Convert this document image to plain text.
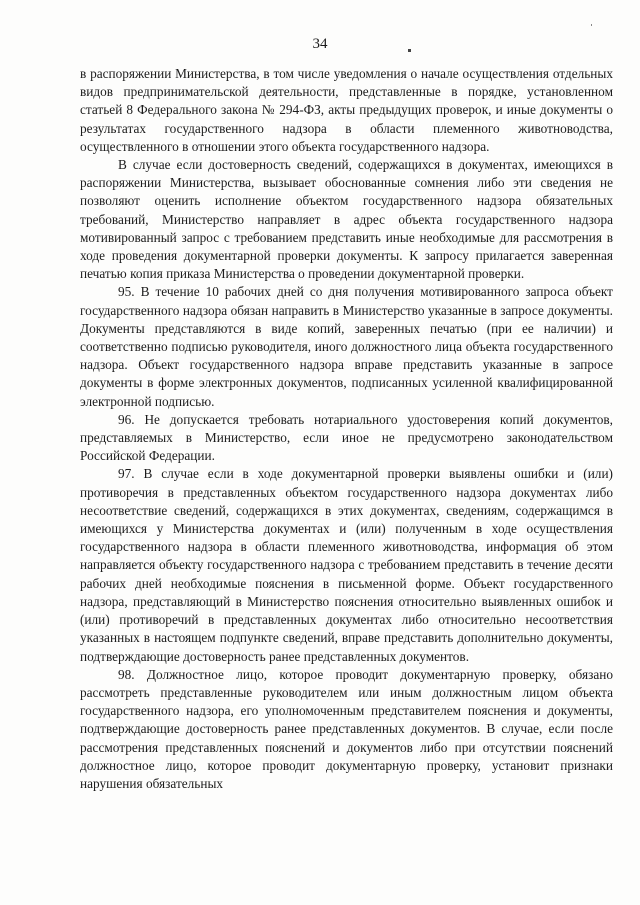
34

в распоряжении Министерства, в том числе уведомления о начале осуществления отдельных видов предпринимательской деятельности, представленные в порядке, установленном статьей 8 Федерального закона № 294-ФЗ, акты предыдущих проверок, и иные документы о результатах государственного надзора в области племенного животноводства, осуществленного в отношении этого объекта государственного надзора.

В случае если достоверность сведений, содержащихся в документах, имеющихся в распоряжении Министерства, вызывает обоснованные сомнения либо эти сведения не позволяют оценить исполнение объектом государственного надзора обязательных требований, Министерство направляет в адрес объекта государственного надзора мотивированный запрос с требованием представить иные необходимые для рассмотрения в ходе проведения документарной проверки документы. К запросу прилагается заверенная печатью копия приказа Министерства о проведении документарной проверки.

95. В течение 10 рабочих дней со дня получения мотивированного запроса объект государственного надзора обязан направить в Министерство указанные в запросе документы. Документы представляются в виде копий, заверенных печатью (при ее наличии) и соответственно подписью руководителя, иного должностного лица объекта государственного надзора. Объект государственного надзора вправе представить указанные в запросе документы в форме электронных документов, подписанных усиленной квалифицированной электронной подписью.

96. Не допускается требовать нотариального удостоверения копий документов, представляемых в Министерство, если иное не предусмотрено законодательством Российской Федерации.

97. В случае если в ходе документарной проверки выявлены ошибки и (или) противоречия в представленных объектом государственного надзора документах либо несоответствие сведений, содержащихся в этих документах, сведениям, содержащимся в имеющихся у Министерства документах и (или) полученным в ходе осуществления государственного надзора в области племенного животноводства, информация об этом направляется объекту государственного надзора с требованием представить в течение десяти рабочих дней необходимые пояснения в письменной форме. Объект государственного надзора, представляющий в Министерство пояснения относительно выявленных ошибок и (или) противоречий в представленных документах либо относительно несоответствия указанных в настоящем подпункте сведений, вправе представить дополнительно документы, подтверждающие достоверность ранее представленных документов.

98. Должностное лицо, которое проводит документарную проверку, обязано рассмотреть представленные руководителем или иным должностным лицом объекта государственного надзора, его уполномоченным представителем пояснения и документы, подтверждающие достоверность ранее представленных документов. В случае, если после рассмотрения представленных пояснений и документов либо при отсутствии пояснений должностное лицо, которое проводит документарную проверку, установит признаки нарушения обязательных
